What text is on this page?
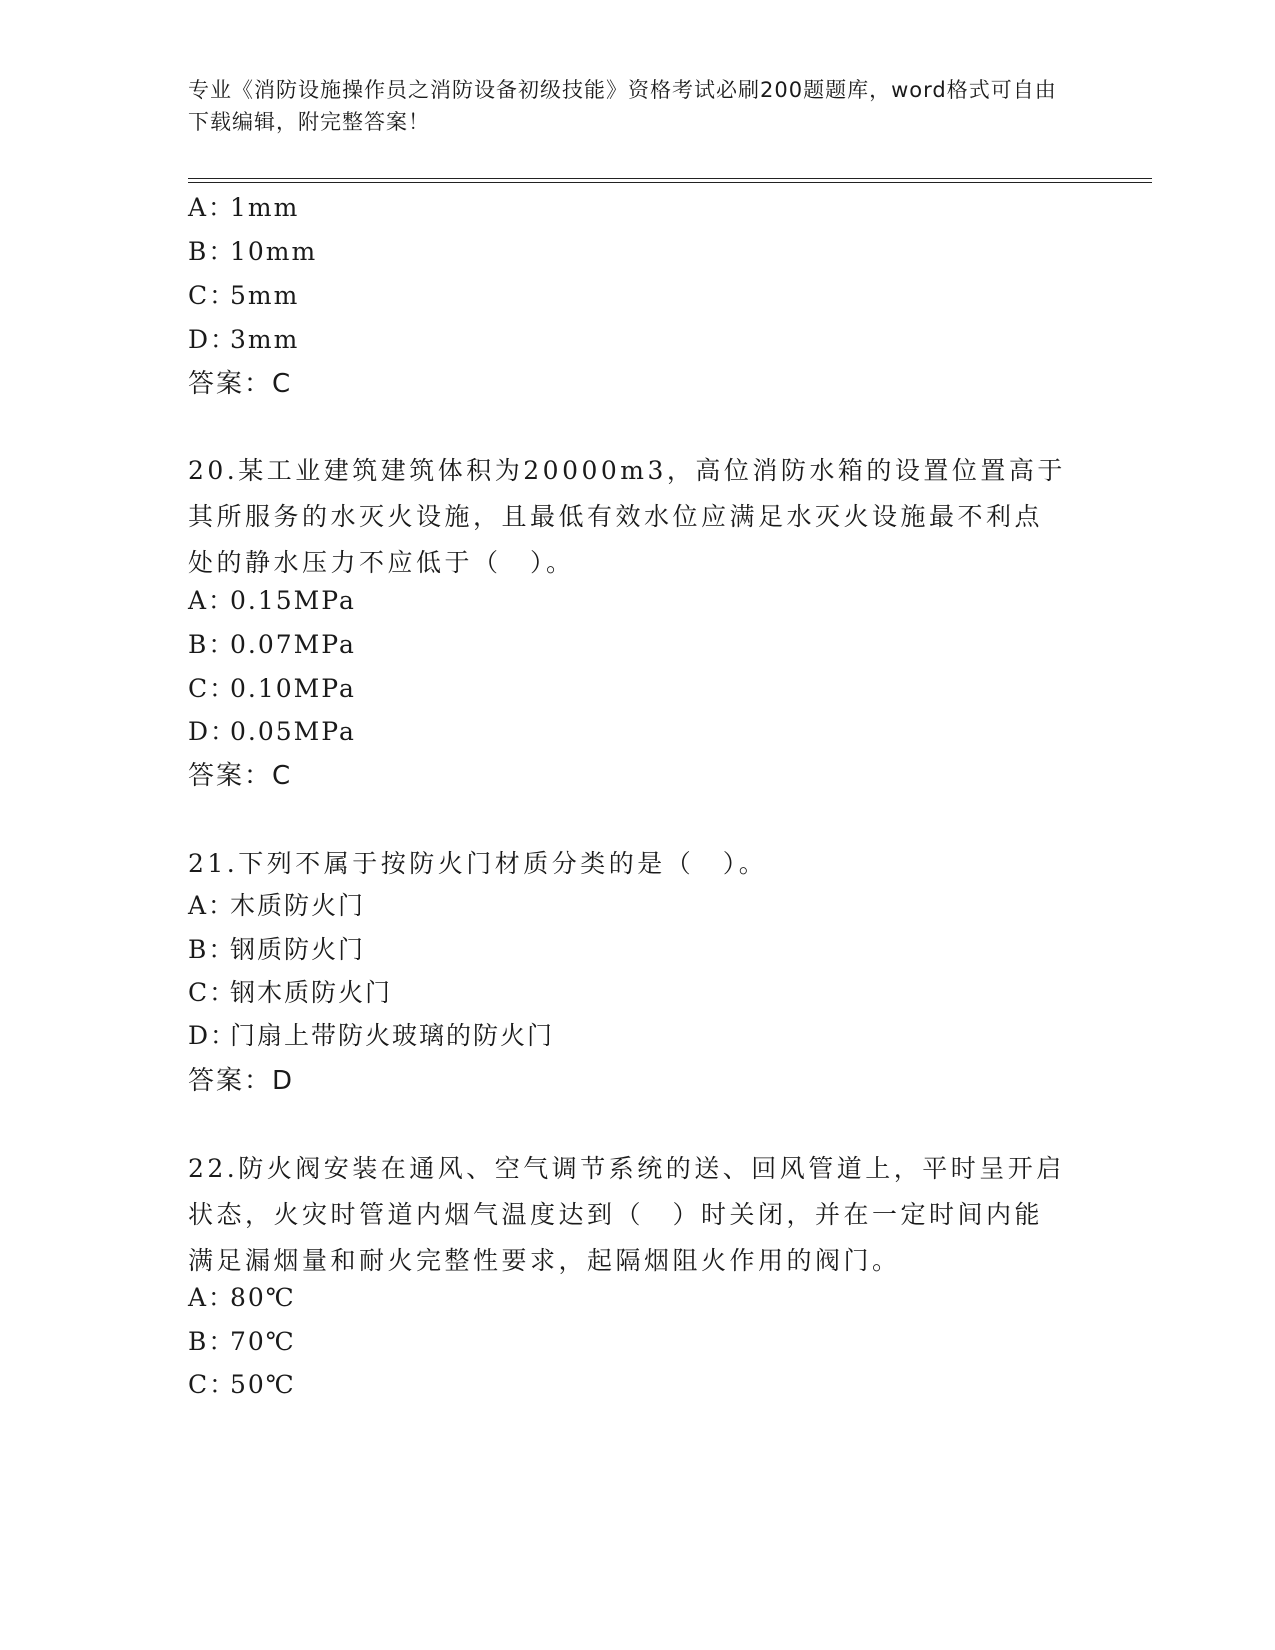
专业《消防设施操作员之消防设备初级技能》资格考试必刷200题题库，word格式可自由下载编辑，附完整答案！
A：1mm
B：10mm
C：5mm
D：3mm
答案：C
20.某工业建筑建筑体积为20000m3，高位消防水箱的设置位置高于其所服务的水灭火设施，且最低有效水位应满足水灭火设施最不利点处的静水压力不应低于（　）。
A：0.15MPa
B：0.07MPa
C：0.10MPa
D：0.05MPa
答案：C
21.下列不属于按防火门材质分类的是（　）。
A：木质防火门
B：钢质防火门
C：钢木质防火门
D：门扇上带防火玻璃的防火门
答案：D
22.防火阀安装在通风、空气调节系统的送、回风管道上，平时呈开启状态，火灾时管道内烟气温度达到（　）时关闭，并在一定时间内能满足漏烟量和耐火完整性要求，起隔烟阻火作用的阀门。
A：80℃
B：70℃
C：50℃
